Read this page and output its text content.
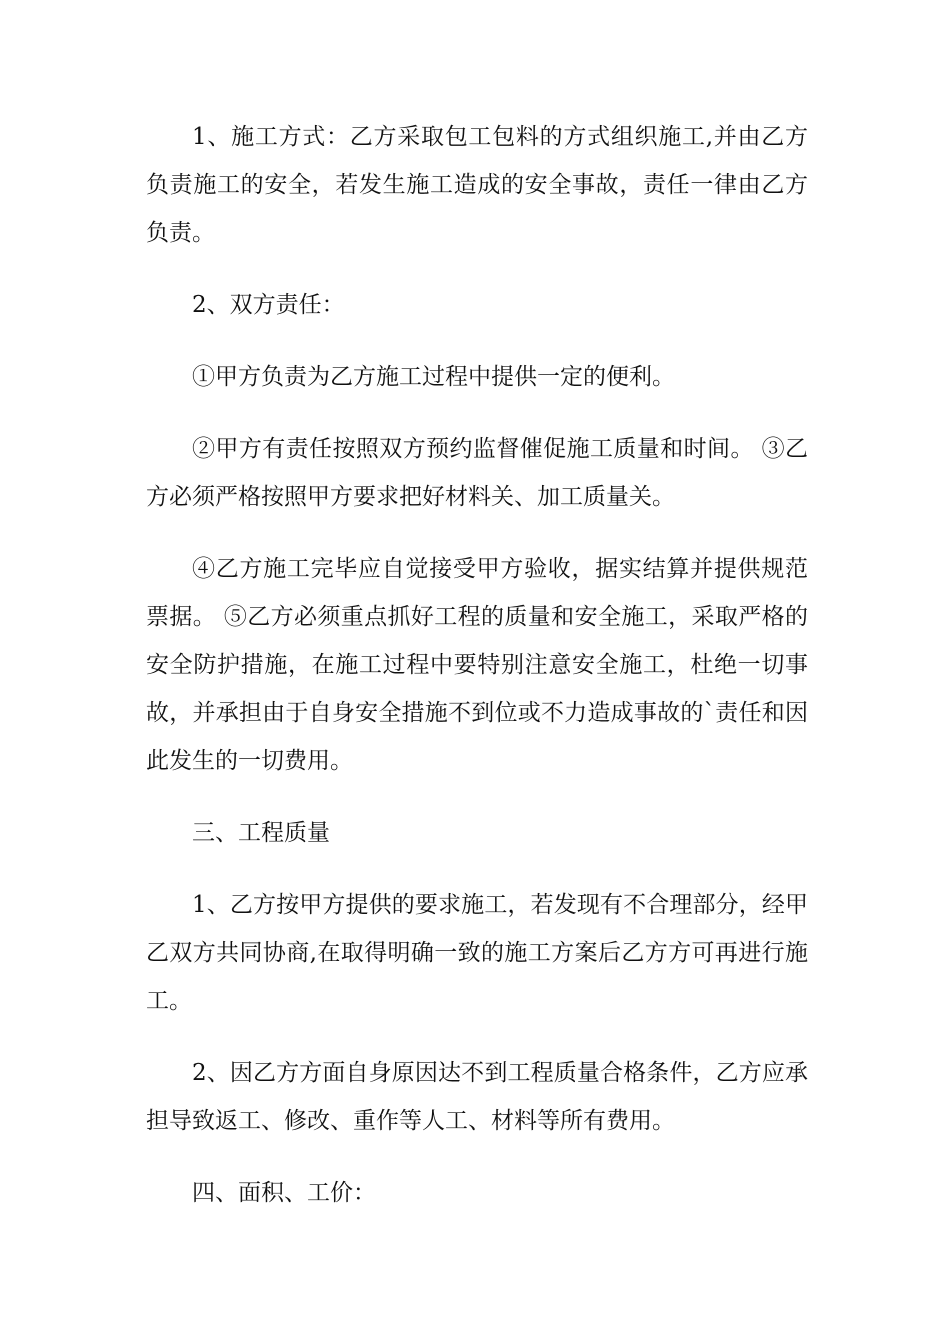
1、施工方式：乙方采取包工包料的方式组织施工,并由乙方负责施工的安全，若发生施工造成的安全事故，责任一律由乙方负责。

2、双方责任：

①甲方负责为乙方施工过程中提供一定的便利。

②甲方有责任按照双方预约监督催促施工质量和时间。 ③乙方必须严格按照甲方要求把好材料关、加工质量关。

④乙方施工完毕应自觉接受甲方验收，据实结算并提供规范票据。 ⑤乙方必须重点抓好工程的质量和安全施工，采取严格的安全防护措施，在施工过程中要特别注意安全施工，杜绝一切事故，并承担由于自身安全措施不到位或不力造成事故的`责任和因此发生的一切费用。

三、工程质量

1、乙方按甲方提供的要求施工，若发现有不合理部分，经甲乙双方共同协商,在取得明确一致的施工方案后乙方方可再进行施工。

2、因乙方方面自身原因达不到工程质量合格条件，乙方应承担导致返工、修改、重作等人工、材料等所有费用。

四、面积、工价：
